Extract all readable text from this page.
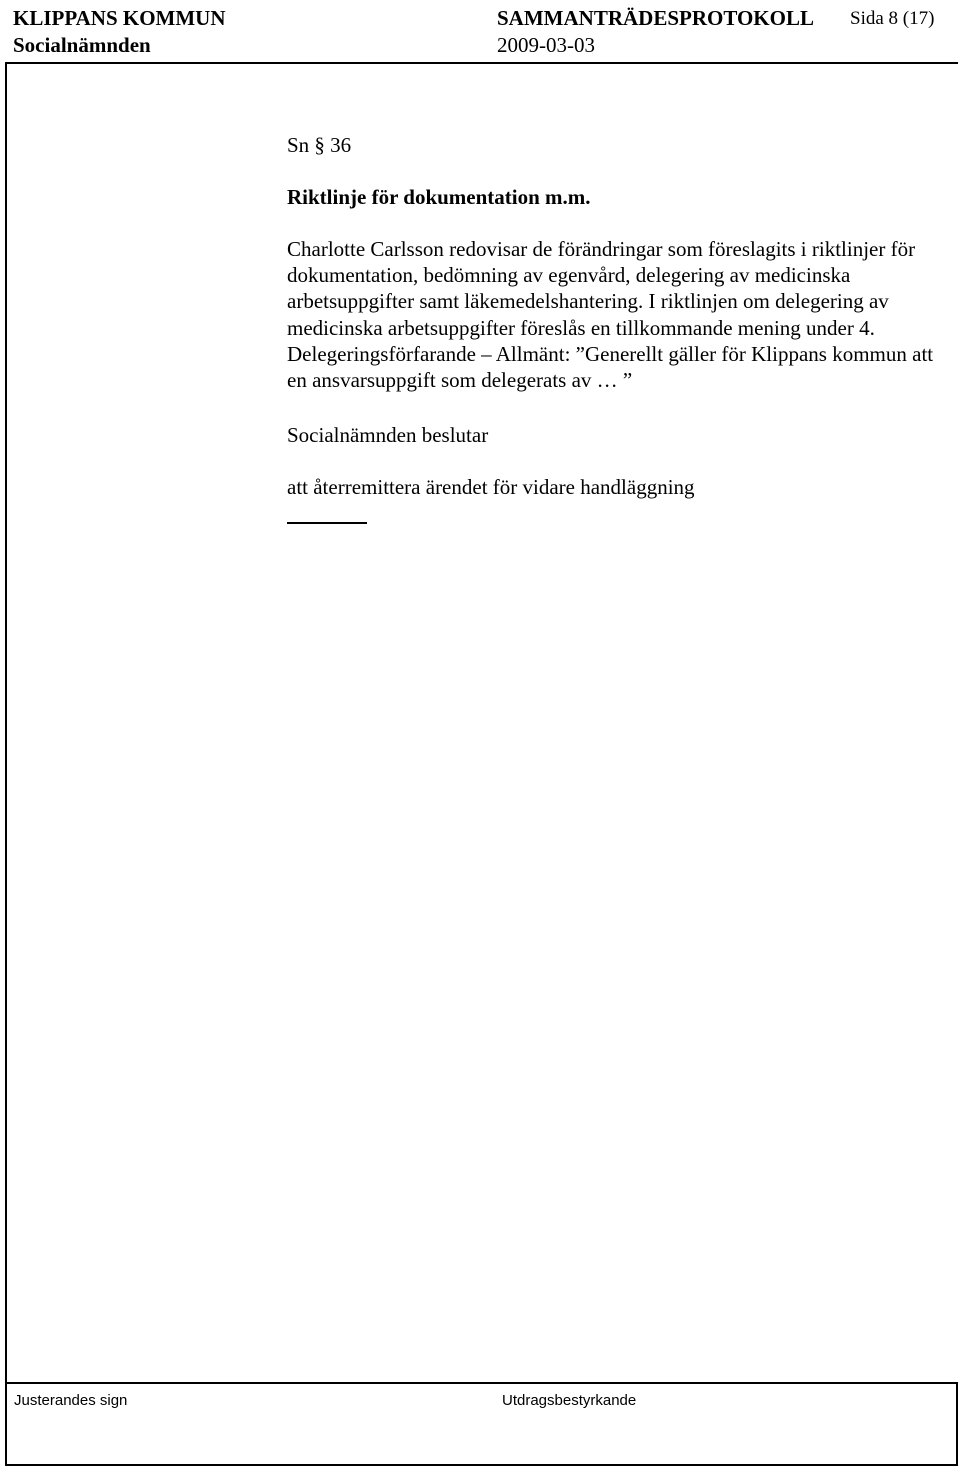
KLIPPANS KOMMUN	SAMMANTRÄDESPROTOKOLL Sida 8 (17)
Socialnämnden	2009-03-03
Sn § 36
Riktlinje för dokumentation m.m.

Charlotte Carlsson redovisar de förändringar som föreslagits i riktlinjer för dokumentation, bedömning av egenvård, delegering av medicinska arbetsuppgifter samt läkemedelshantering. I riktlinjen om delegering av medicinska arbetsuppgifter föreslås en tillkommande mening under 4. Delegeringsförfarande – Allmänt: ”Generellt gäller för Klippans kommun att en ansvarsuppgift som delegerats av … ”

Socialnämnden beslutar
att återremittera ärendet för vidare handläggning
Justerandes sign	Utdragsbestyrkande
